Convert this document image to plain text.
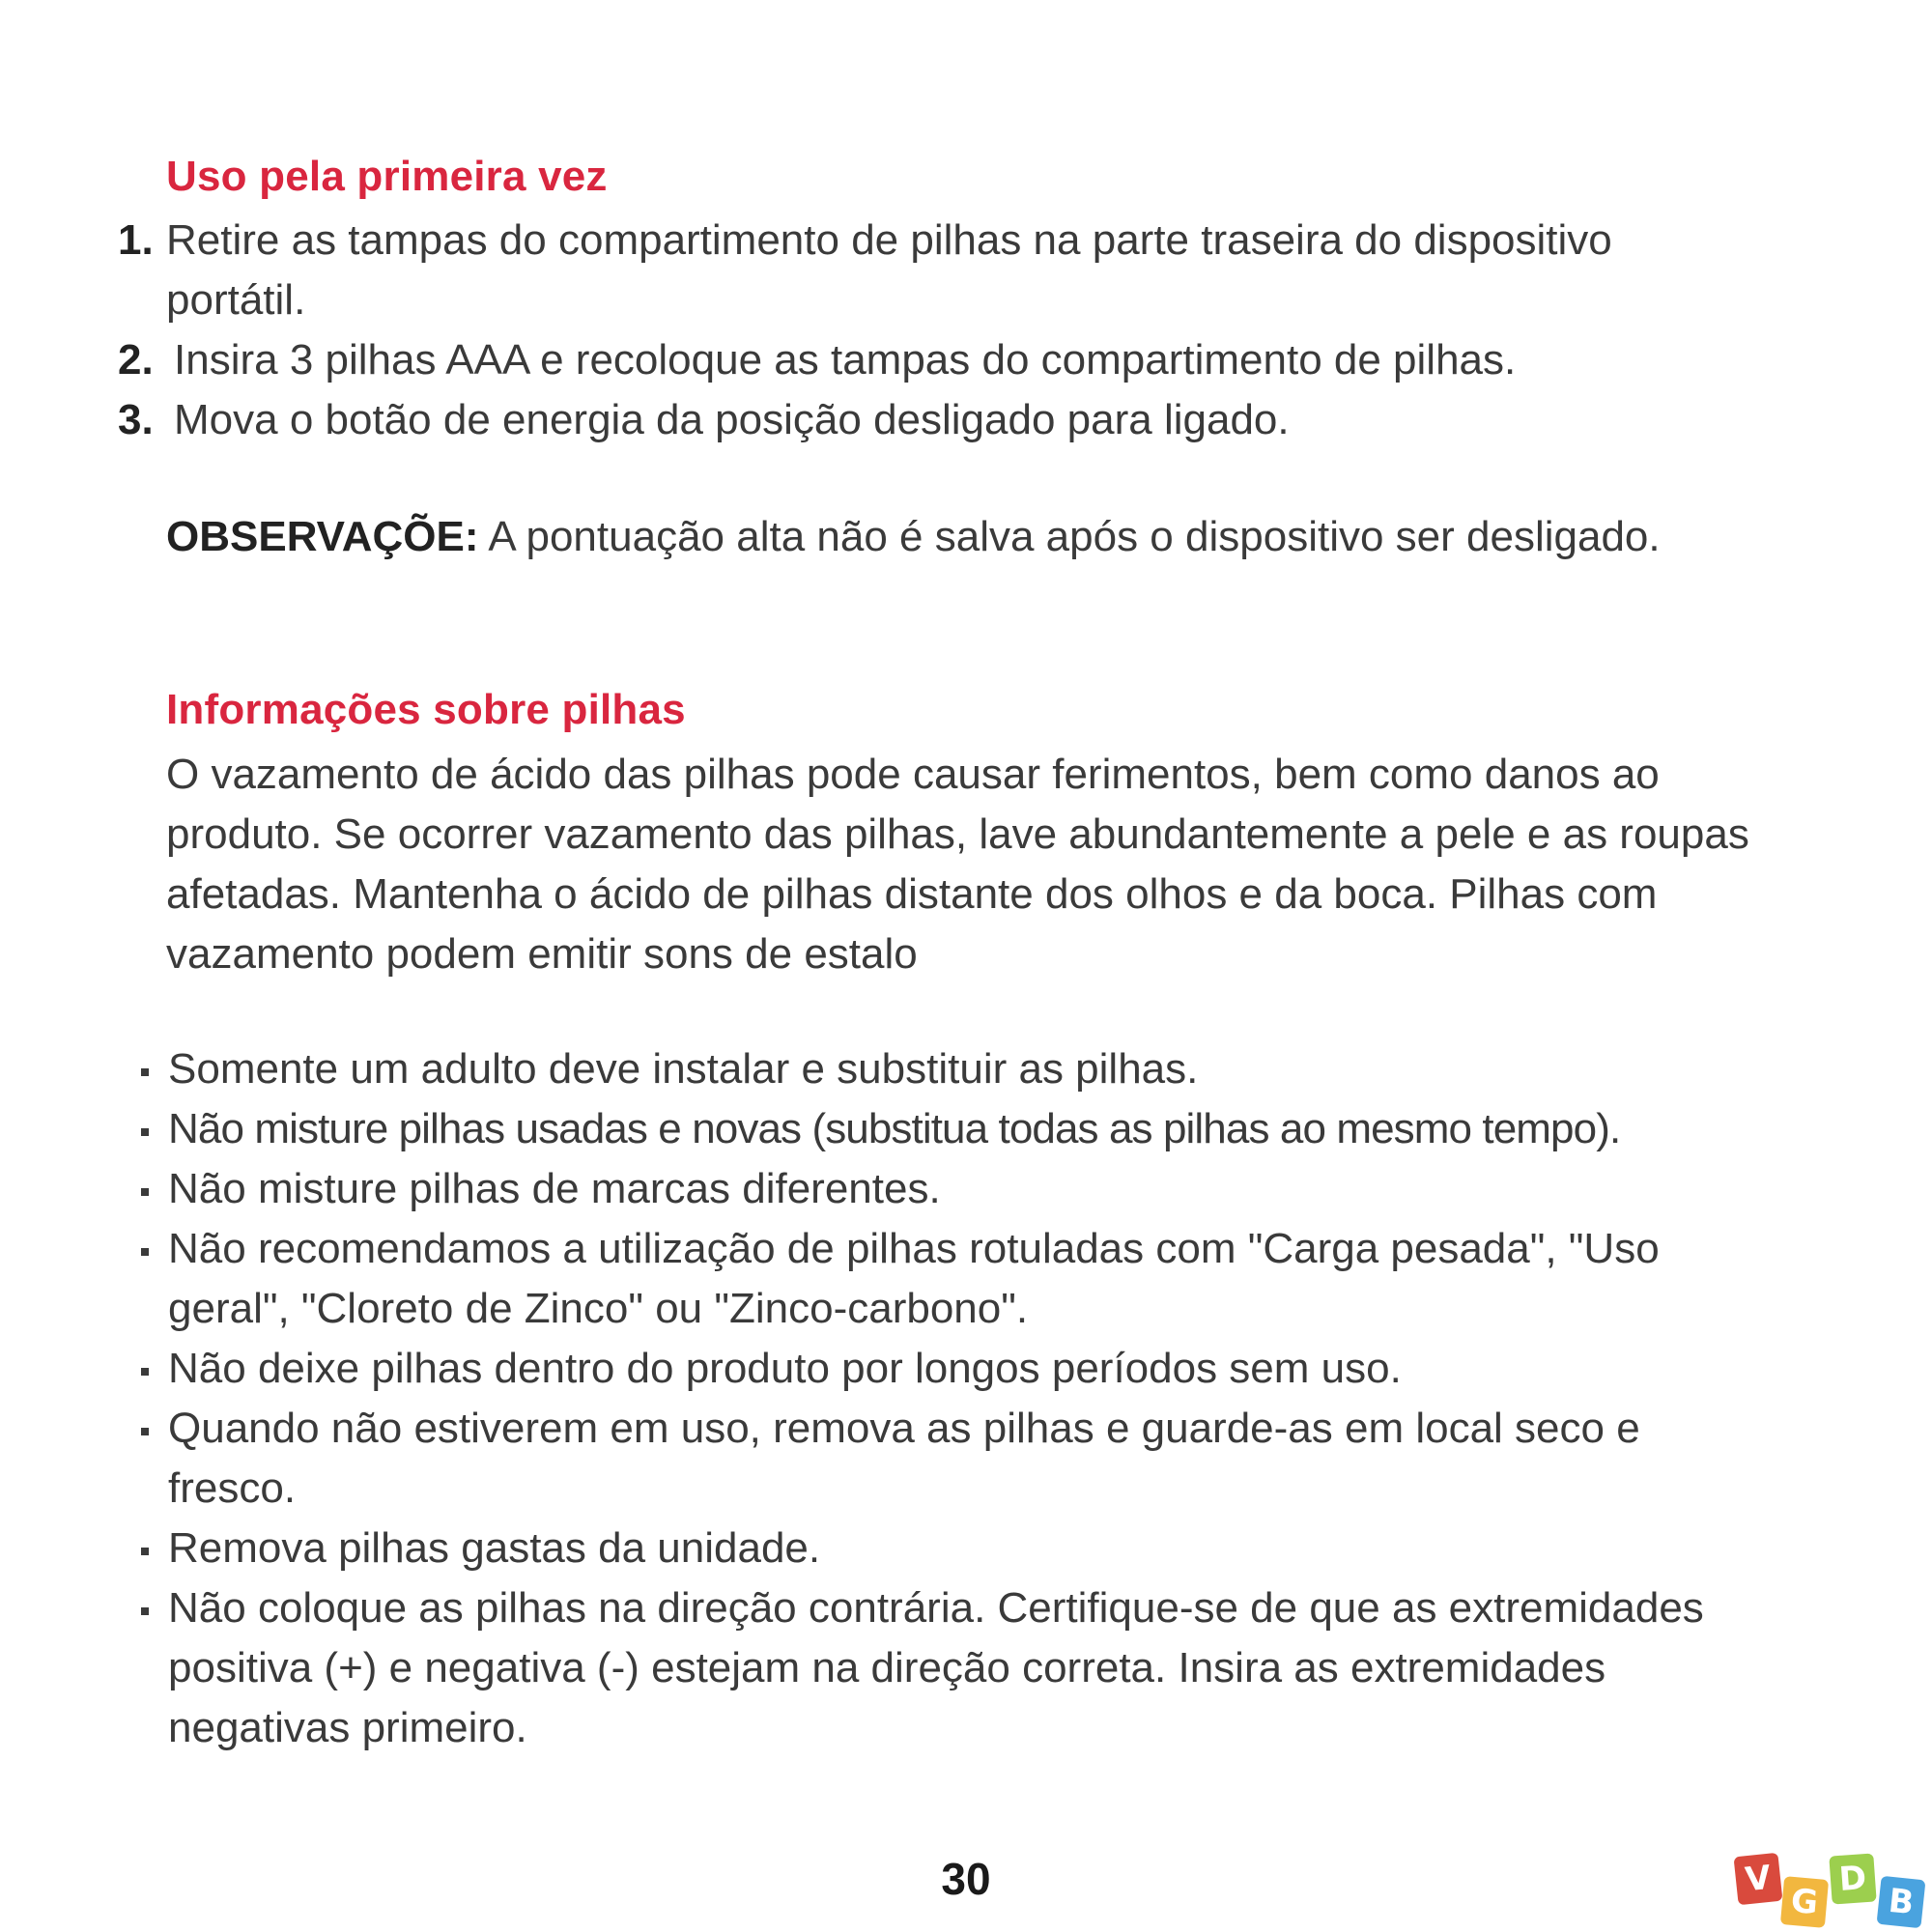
Uso pela primeira vez
1. Retire as tampas do compartimento de pilhas na parte traseira do dispositivo portátil.
2. Insira 3 pilhas AAA e recoloque as tampas do compartimento de pilhas.
3. Mova o botão de energia da posição desligado para ligado.
OBSERVAÇÕE: A pontuação alta não é salva após o dispositivo ser desligado.
Informações sobre pilhas
O vazamento de ácido das pilhas pode causar ferimentos, bem como danos ao produto. Se ocorrer vazamento das pilhas, lave abundantemente a pele e as roupas afetadas. Mantenha o ácido de pilhas distante dos olhos e da boca. Pilhas com vazamento podem emitir sons de estalo
Somente um adulto deve instalar e substituir as pilhas.
Não misture pilhas usadas e novas (substitua todas as pilhas ao mesmo tempo).
Não misture pilhas de marcas diferentes.
Não recomendamos a utilização de pilhas rotuladas com "Carga pesada", "Uso geral", "Cloreto de Zinco" ou "Zinco-carbono".
Não deixe pilhas dentro do produto por longos períodos sem uso.
Quando não estiverem em uso, remova as pilhas e guarde-as em local seco e fresco.
Remova pilhas gastas da unidade.
Não coloque as pilhas na direção contrária. Certifique-se de que as extremidades positiva (+) e negativa (-) estejam na direção correta. Insira as extremidades negativas primeiro.
30	V
G
D
B
